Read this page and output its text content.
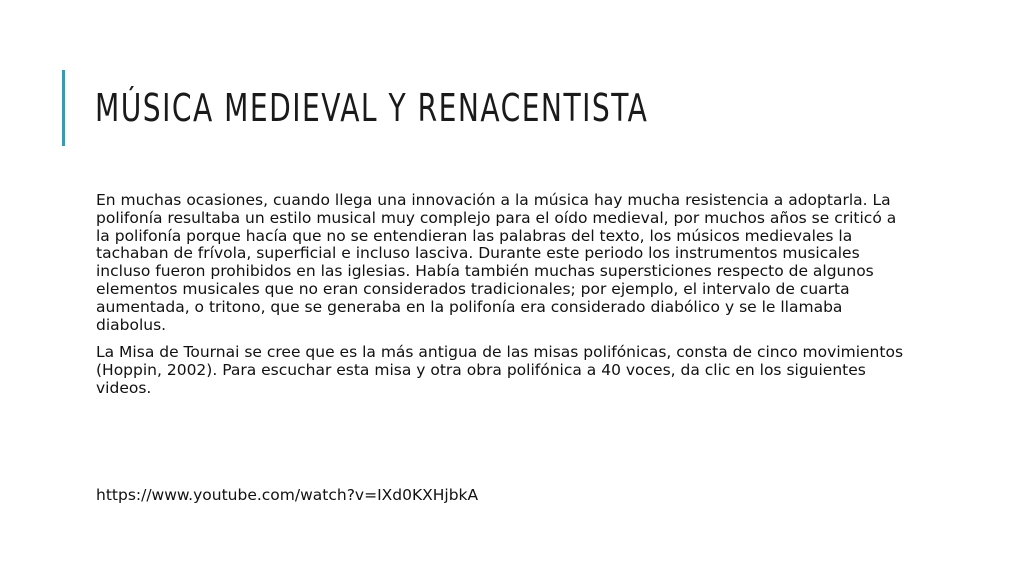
MÚSICA MEDIEVAL Y RENACENTISTA

En muchas ocasiones, cuando llega una innovación a la música hay mucha resistencia a adoptarla. La polifonía resultaba un estilo musical muy complejo para el oído medieval, por muchos años se criticó a la polifonía porque hacía que no se entendieran las palabras del texto, los músicos medievales la tachaban de frívola, superficial e incluso lasciva. Durante este periodo los instrumentos musicales incluso fueron prohibidos en las iglesias. Había también muchas supersticiones respecto de algunos elementos musicales que no eran considerados tradicionales; por ejemplo, el intervalo de cuarta aumentada, o tritono, que se generaba en la polifonía era considerado diabólico y se le llamaba diabolus.

La Misa de Tournai se cree que es la más antigua de las misas polifónicas, consta de cinco movimientos (Hoppin, 2002). Para escuchar esta misa y otra obra polifónica a 40 voces, da clic en los siguientes videos.

https://www.youtube.com/watch?v=IXd0KXHjbkA
